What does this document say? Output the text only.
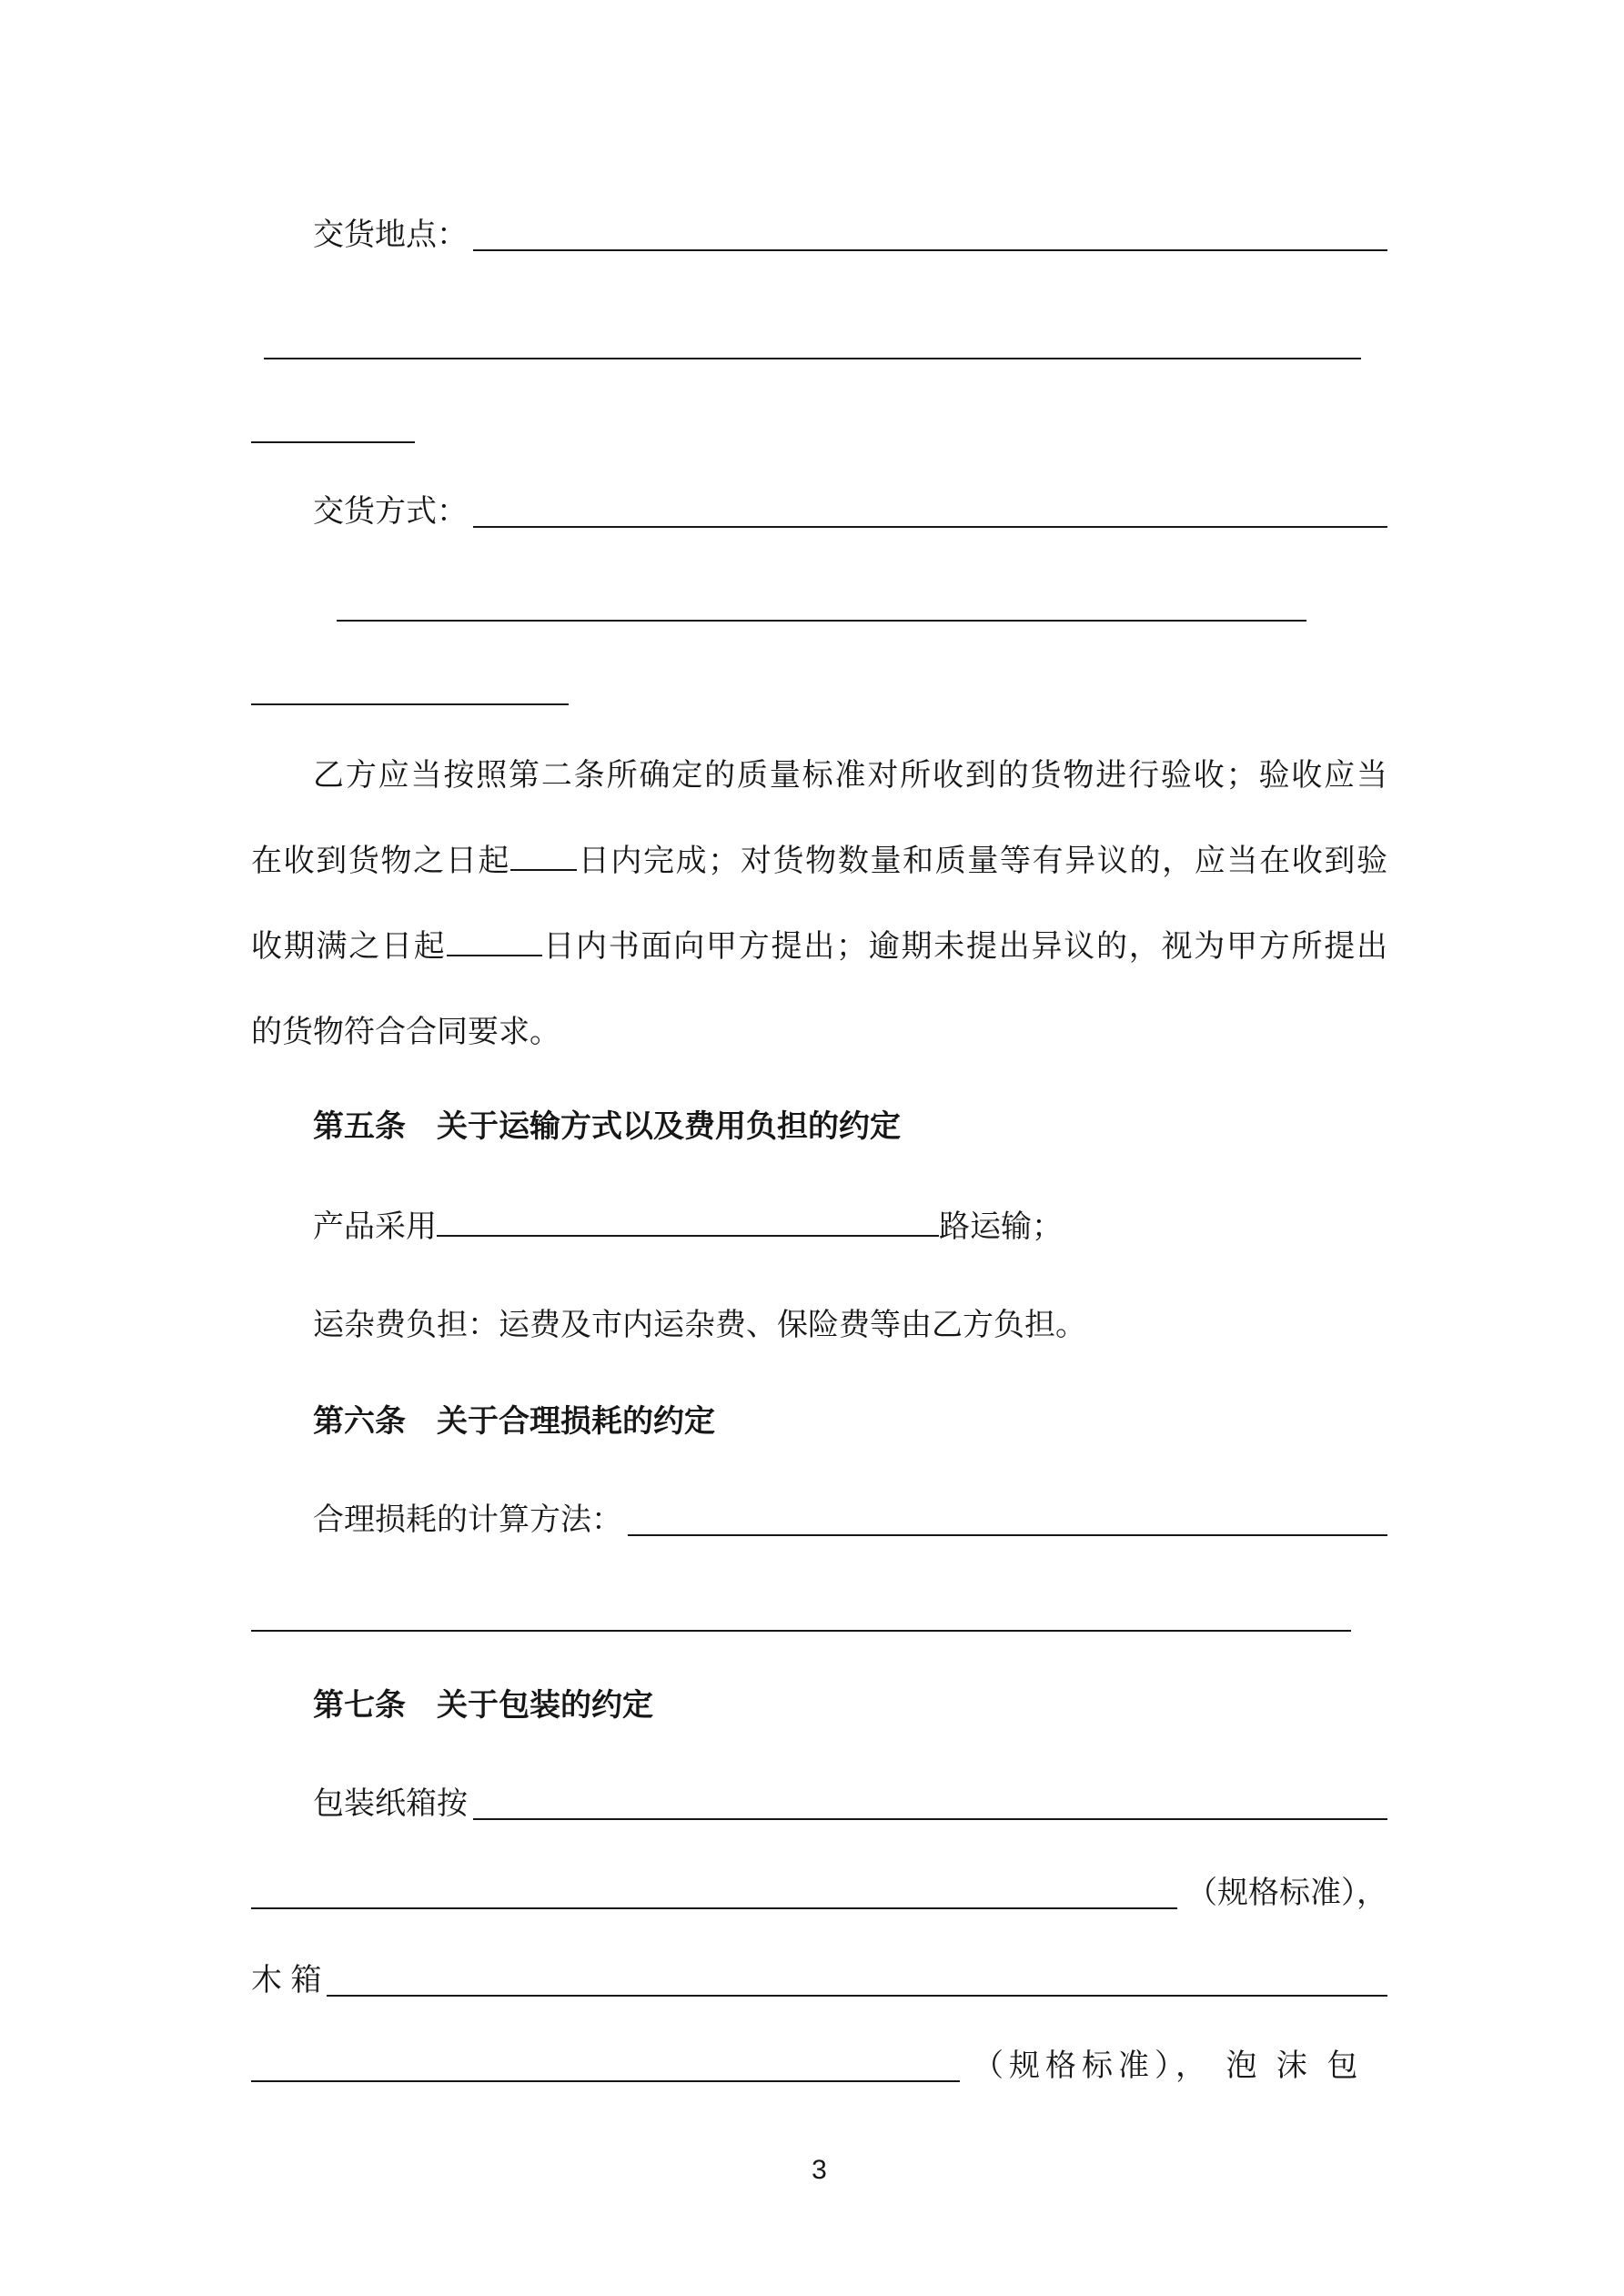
交货地点：
交货方式：
乙方应当按照第二条所确定的质量标准对所收到的货物进行验收；验收应当
在收到货物之日起 日内完成；对货物数量和质量等有异议的，应当在收到验
收期满之日起	日内书面向甲方提出；逾期未提出异议的，视为甲方所提出
的货物符合合同要求。
第五条　关于运输方式以及费用负担的约定
产品采用	路运输；
运杂费负担：运费及市内运杂费、保险费等由乙方负担。
第六条　关于合理损耗的约定
合理损耗的计算方法：
第七条　关于包装的约定
包装纸箱按
（规格标准），
木 箱
（规格标准）， 泡 沫 包
3
